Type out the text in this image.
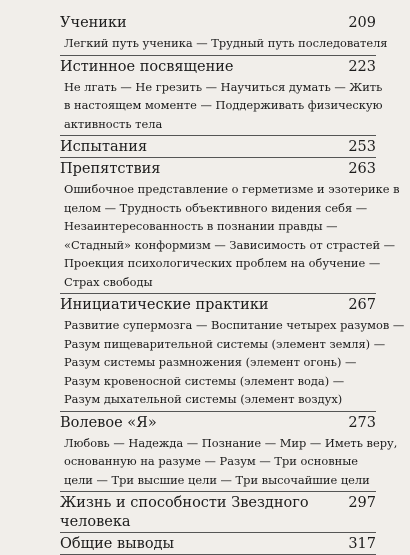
Ученики	209
Легкий путь ученика — Трудный путь последователя
Истинное посвящение	223
Не лгать — Не грезить — Научиться думать — Жить
в настоящем моменте — Поддерживать физическую
активность тела
Испытания	253
Препятствия	263
Ошибочное представление о герметизме и эзотерике в
целом — Трудность объективного видения себя —
Незаинтересованность в познании правды —
«Стадный» конформизм — Зависимость от страстей —
Проекция психологических проблем на обучение —
Страх свободы
Инициатические практики	267
Развитие супермозга — Воспитание четырех разумов —
Разум пищеварительной системы (элемент земля) —
Разум системы размножения (элемент огонь) —
Разум кровеносной системы (элемент вода) —
Разум дыхательной системы (элемент воздух)
Волевое «Я»	273
Любовь — Надежда — Познание — Мир — Иметь веру,
основанную на разуме — Разум — Три основные
цели — Три высшие цели — Три высочайшие цели
Жизнь и способности Звездного человека
297
Общие выводы	317
